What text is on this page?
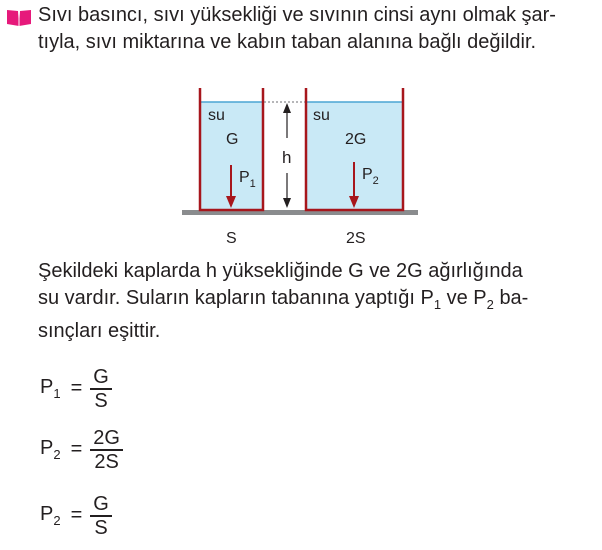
Sıvı basıncı, sıvı yüksekliği ve sıvının cinsi aynı olmak şar-
tıyla, sıvı miktarına ve kabın taban alanına bağlı değildir.

h
su
G
$P_1$
su
2G
$P_2$
S	2S

Şekildeki kaplarda h yüksekliğinde G ve 2G ağırlığında
su vardır. Suların kapların tabanına yaptığı $P_1$ ve $P_2$ ba-
sınçları eşittir.

$P_1 = \frac{G}{S}$
$P_2 = \frac{2G}{2S}$
$P_2 = \frac{G}{S}$
